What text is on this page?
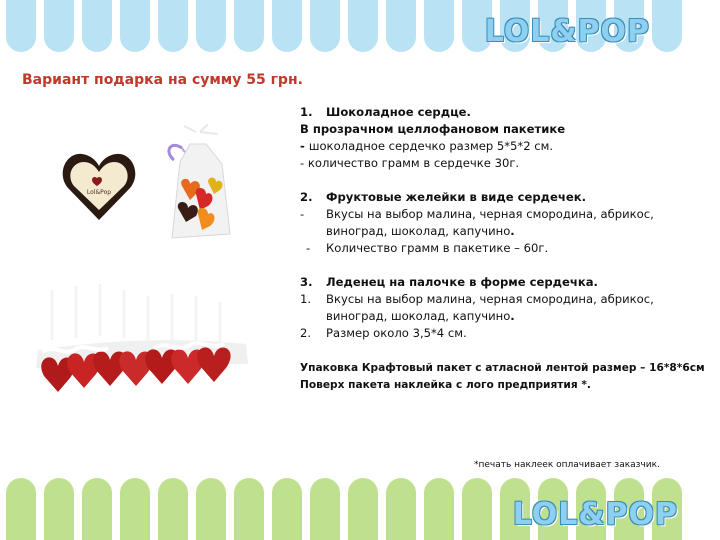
LOL&POP
LOL&POP
Вариант подарка на сумму 55 грн.
Lol&Pop
1.	Шоколадное сердце.

В прозрачном целлофановом пакетике

- шоколадное сердечко размер 5*5*2 см.

- количество грамм в сердечке 30г.

2.	Фруктовые желейки в виде сердечек.
-	Вкусы на выбор малина, черная смородина, абрикос, виноград, шоколад, капучино.
-	Количество грамм в пакетике – 60г.
3.	Леденец на палочке в форме сердечка.
1.	Вкусы на выбор малина, черная смородина, абрикос, виноград, шоколад, капучино.
2.	Размер около 3,5*4 см.

Упаковка Крафтовый пакет с атласной лентой размер – 16*8*6см

Поверх пакета наклейка с лого предприятия *.

*печать наклеек оплачивает заказчик.
